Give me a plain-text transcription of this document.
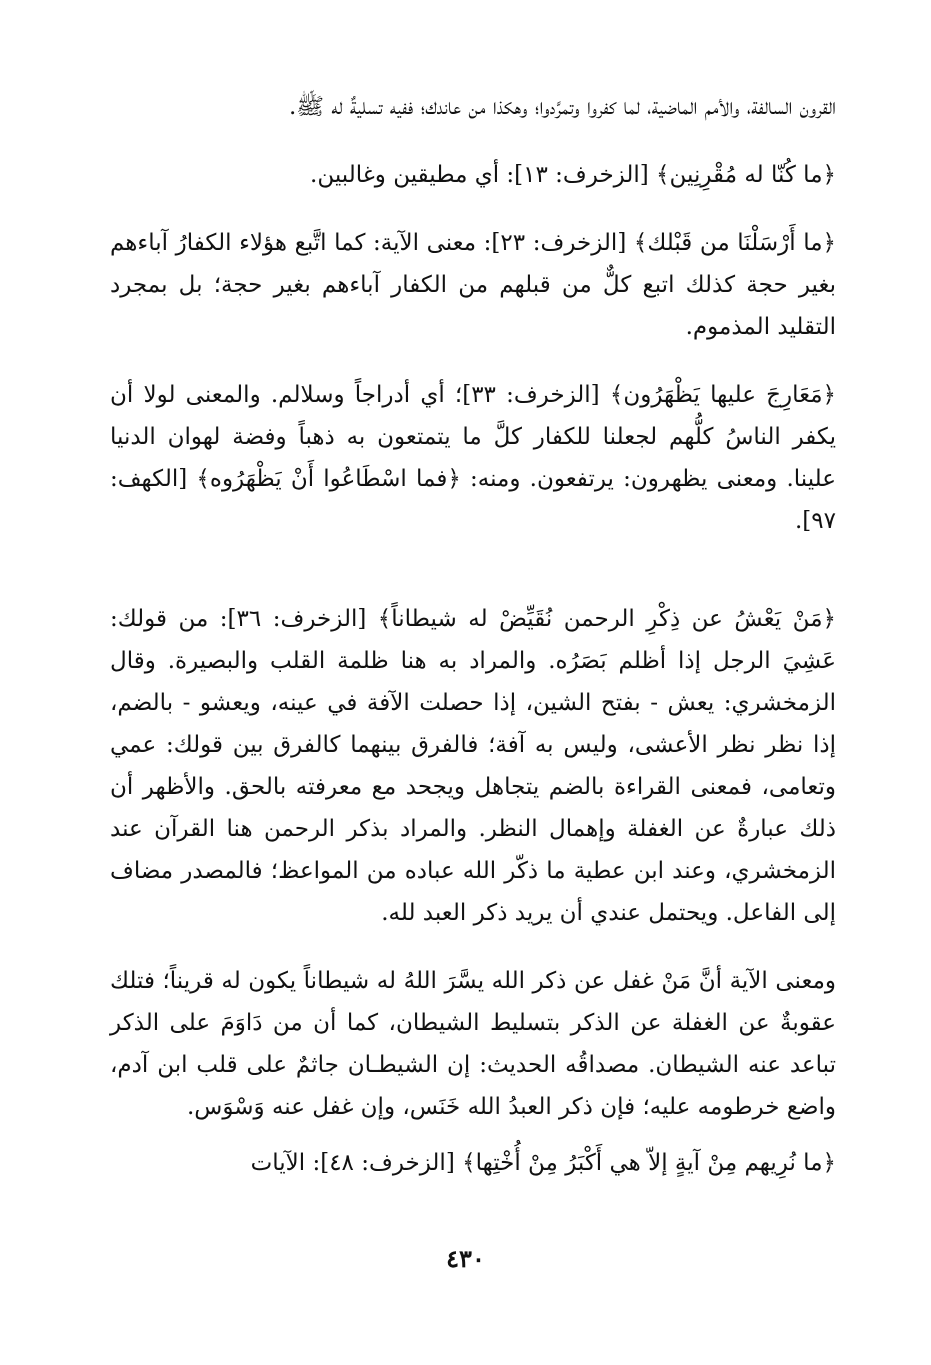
القرون السالفة، والأمم الماضية، لما كفروا وتمرَّدوا؛ وهكذا من عاندك؛ ففيه تسليةٌ له ﷺ.

﴿ما كُنّا له مُقْرِنِين﴾ [الزخرف: ١٣]: أي مطيقين وغالبين.

﴿ما أَرْسَلْنَا من قَبْلك﴾ [الزخرف: ٢٣]: معنى الآية: كما اتَّبع هؤلاء الكفارُ آباءهم بغير حجة كذلك اتبع كلٌّ من قبلهم من الكفار آباءهم بغير حجة؛ بل بمجرد التقليد المذموم.

﴿مَعَارِجَ عليها يَظْهَرُون﴾ [الزخرف: ٣٣]؛ أي أدراجاً وسلالم. والمعنى لولا أن يكفر الناسُ كلُّهم لجعلنا للكفار كلَّ ما يتمتعون به ذهباً وفضة لهوان الدنيا علينا. ومعنى يظهرون: يرتفعون. ومنه: ﴿فما اسْطَاعُوا أَنْ يَظْهَرُوه﴾ [الكهف: ٩٧].

﴿مَنْ يَعْشُ عن ذِكْرِ الرحمن نُقَيِّضْ له شيطاناً﴾ [الزخرف: ٣٦]: من قولك: عَشِيَ الرجل إذا أظلم بَصَرُه. والمراد به هنا ظلمة القلب والبصيرة. وقال الزمخشري: يعش - بفتح الشين، إذا حصلت الآفة في عينه، ويعشو - بالضم، إذا نظر نظر الأعشى، وليس به آفة؛ فالفرق بينهما كالفرق بين قولك: عمي وتعامى، فمعنى القراءة بالضم يتجاهل ويجحد مع معرفته بالحق. والأظهر أن ذلك عبارةٌ عن الغفلة وإهمال النظر. والمراد بذكر الرحمن هنا القرآن عند الزمخشري، وعند ابن عطية ما ذكّر الله عباده من المواعظ؛ فالمصدر مضاف إلى الفاعل. ويحتمل عندي أن يريد ذكر العبد لله.

ومعنى الآية أنَّ مَنْ غفل عن ذكر الله يسَّرَ اللهُ له شيطاناً يكون له قريناً؛ فتلك عقوبةٌ عن الغفلة عن الذكر بتسليط الشيطان، كما أن من دَاوَمَ على الذكر تباعد عنه الشيطان. مصداقُه الحديث: إن الشيطـان جاثمٌ على قلب ابن آدم، واضع خرطومه عليه؛ فإن ذكر العبدُ الله خَنَس، وإن غفل عنه وَسْوَس.

﴿ما نُرِيهم مِنْ آيةٍ إلاّ هي أَكْبَرُ مِنْ أُخْتِها﴾ [الزخرف: ٤٨]: الآيات

٤٣٠
